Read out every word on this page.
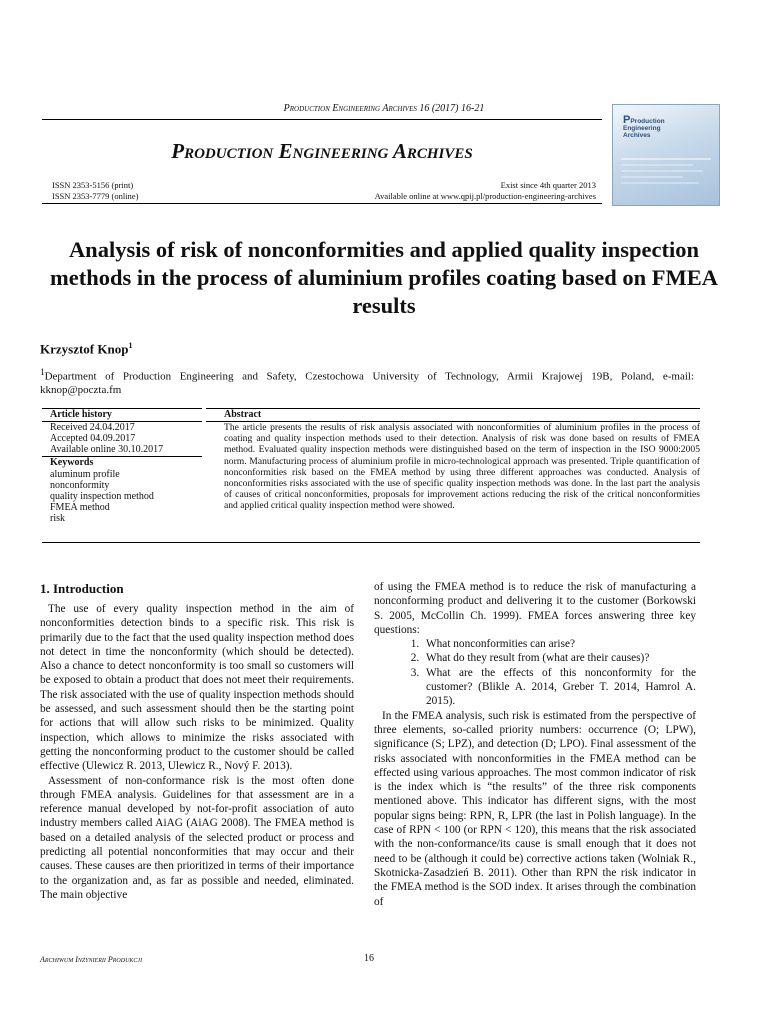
Production Engineering Archives 16 (2017) 16-21
Production Engineering Archives
ISSN 2353-5156 (print)
ISSN 2353-7779 (online)
Exist since 4th quarter 2013
Available online at www.qpij.pl/production-engineering-archives
PProduction
Engineering
Archives
Analysis of risk of nonconformities and applied quality inspection methods in the process of aluminium profiles coating based on FMEA results
Krzysztof Knop$^1$
$^1$Department of Production Engineering and Safety, Czestochowa University of Technology, Armii Krajowej 19B, Poland, e-mail: kknop@poczta.fm
Article history
Received 24.04.2017
Accepted 04.09.2017
Available online 30.10.2017
Keywords
aluminum profile
nonconformity
quality inspection method
FMEA method
risk
Abstract
The article presents the results of risk analysis associated with nonconformities of aluminium profiles in the process of coating and quality inspection methods used to their detection. Analysis of risk was done based on results of FMEA method. Evaluated quality inspection methods were distinguished based on the term of inspection in the ISO 9000:2005 norm. Manufacturing process of aluminium profile in micro-technological approach was presented. Triple quantification of nonconformities risk based on the FMEA method by using three different approaches was conducted. Analysis of nonconformities risks associated with the use of specific quality inspection methods was done. In the last part the analysis of causes of critical nonconformities, proposals for improvement actions reducing the risk of the critical nonconformities and applied critical quality inspection method were showed.
1. Introduction

The use of every quality inspection method in the aim of nonconformities detection binds to a specific risk. This risk is primarily due to the fact that the used quality inspection method does not detect in time the nonconformity (which should be detected). Also a chance to detect nonconformity is too small so customers will be exposed to obtain a product that does not meet their requirements. The risk associated with the use of quality inspection methods should be assessed, and such assessment should then be the starting point for actions that will allow such risks to be minimized. Quality inspection, which allows to minimize the risks associated with getting the nonconforming product to the customer should be called effective (Ulewicz R. 2013, Ulewicz R., Nový F. 2013).

Assessment of non-conformance risk is the most often done through FMEA analysis. Guidelines for that assessment are in a reference manual developed by not-for-profit association of auto industry members called AiAG (AiAG 2008). The FMEA method is based on a detailed analysis of the selected product or process and predicting all potential nonconformities that may occur and their causes. These causes are then prioritized in terms of their importance to the organization and, as far as possible and needed, eliminated. The main objective

of using the FMEA method is to reduce the risk of manufacturing a nonconforming product and delivering it to the customer (Borkowski S. 2005, McCollin Ch. 1999). FMEA forces answering three key questions:

1. What nonconformities can arise?
2. What do they result from (what are their causes)?
3. What are the effects of this nonconformity for the customer? (Blikle A. 2014, Greber T. 2014, Hamrol A. 2015).

In the FMEA analysis, such risk is estimated from the perspective of three elements, so-called priority numbers: occurrence (O; LPW), significance (S; LPZ), and detection (D; LPO). Final assessment of the risks associated with nonconformities in the FMEA method can be effected using various approaches. The most common indicator of risk is the index which is “the results” of the three risk components mentioned above. This indicator has different signs, with the most popular signs being: RPN, R, LPR (the last in Polish language). In the case of RPN < 100 (or RPN < 120), this means that the risk associated with the non-conformance/its cause is small enough that it does not need to be (although it could be) corrective actions taken (Wolniak R., Skotnicka-Zasadzień B. 2011). Other than RPN the risk indicator in the FMEA method is the SOD index. It arises through the combination of

Archiwum Inżynierii Produkcji	16
